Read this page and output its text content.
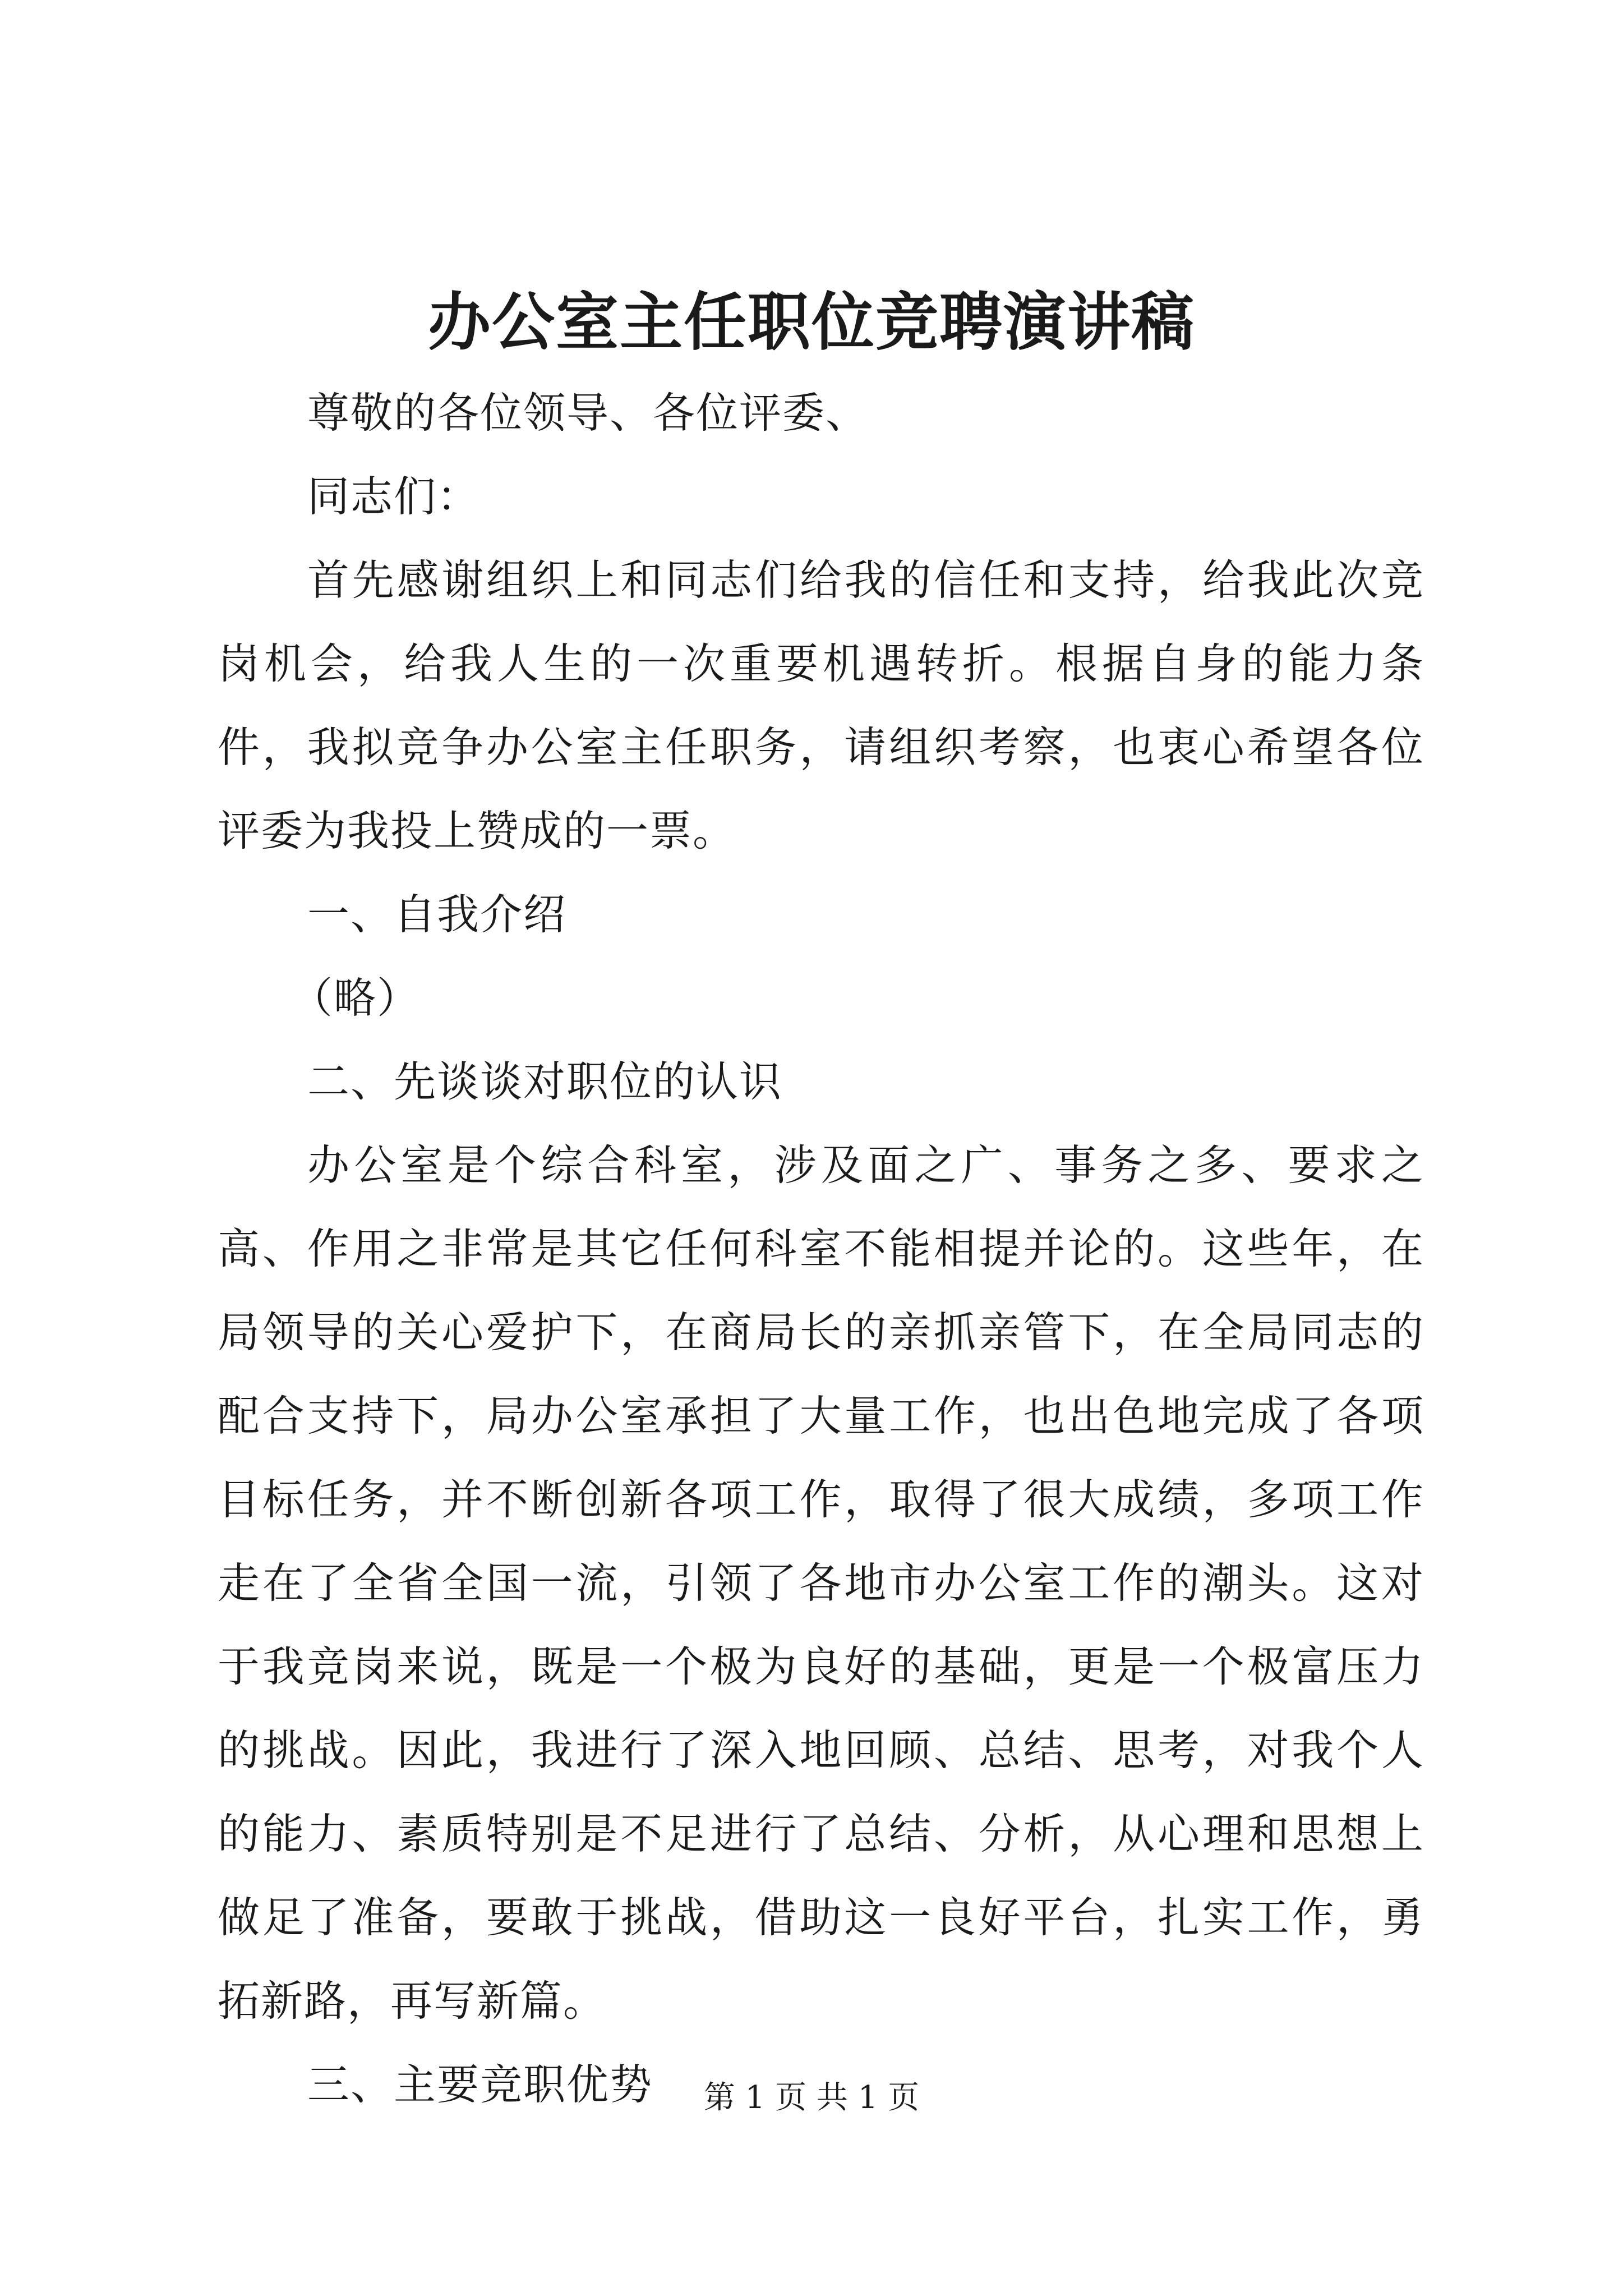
办公室主任职位竞聘演讲稿

尊敬的各位领导、各位评委、

同志们：

首先感谢组织上和同志们给我的信任和支持，给我此次竞岗机会，给我人生的一次重要机遇转折。根据自身的能力条件，我拟竞争办公室主任职务，请组织考察，也衷心希望各位评委为我投上赞成的一票。

一、自我介绍

（略）

二、先谈谈对职位的认识

办公室是个综合科室，涉及面之广、事务之多、要求之高、作用之非常是其它任何科室不能相提并论的。这些年，在局领导的关心爱护下，在商局长的亲抓亲管下，在全局同志的配合支持下，局办公室承担了大量工作，也出色地完成了各项目标任务，并不断创新各项工作，取得了很大成绩，多项工作走在了全省全国一流，引领了各地市办公室工作的潮头。这对于我竞岗来说，既是一个极为良好的基础，更是一个极富压力的挑战。因此，我进行了深入地回顾、总结、思考，对我个人的能力、素质特别是不足进行了总结、分析，从心理和思想上做足了准备，要敢于挑战，借助这一良好平台，扎实工作，勇拓新路，再写新篇。

三、主要竞职优势	第 1 页 共 1 页
